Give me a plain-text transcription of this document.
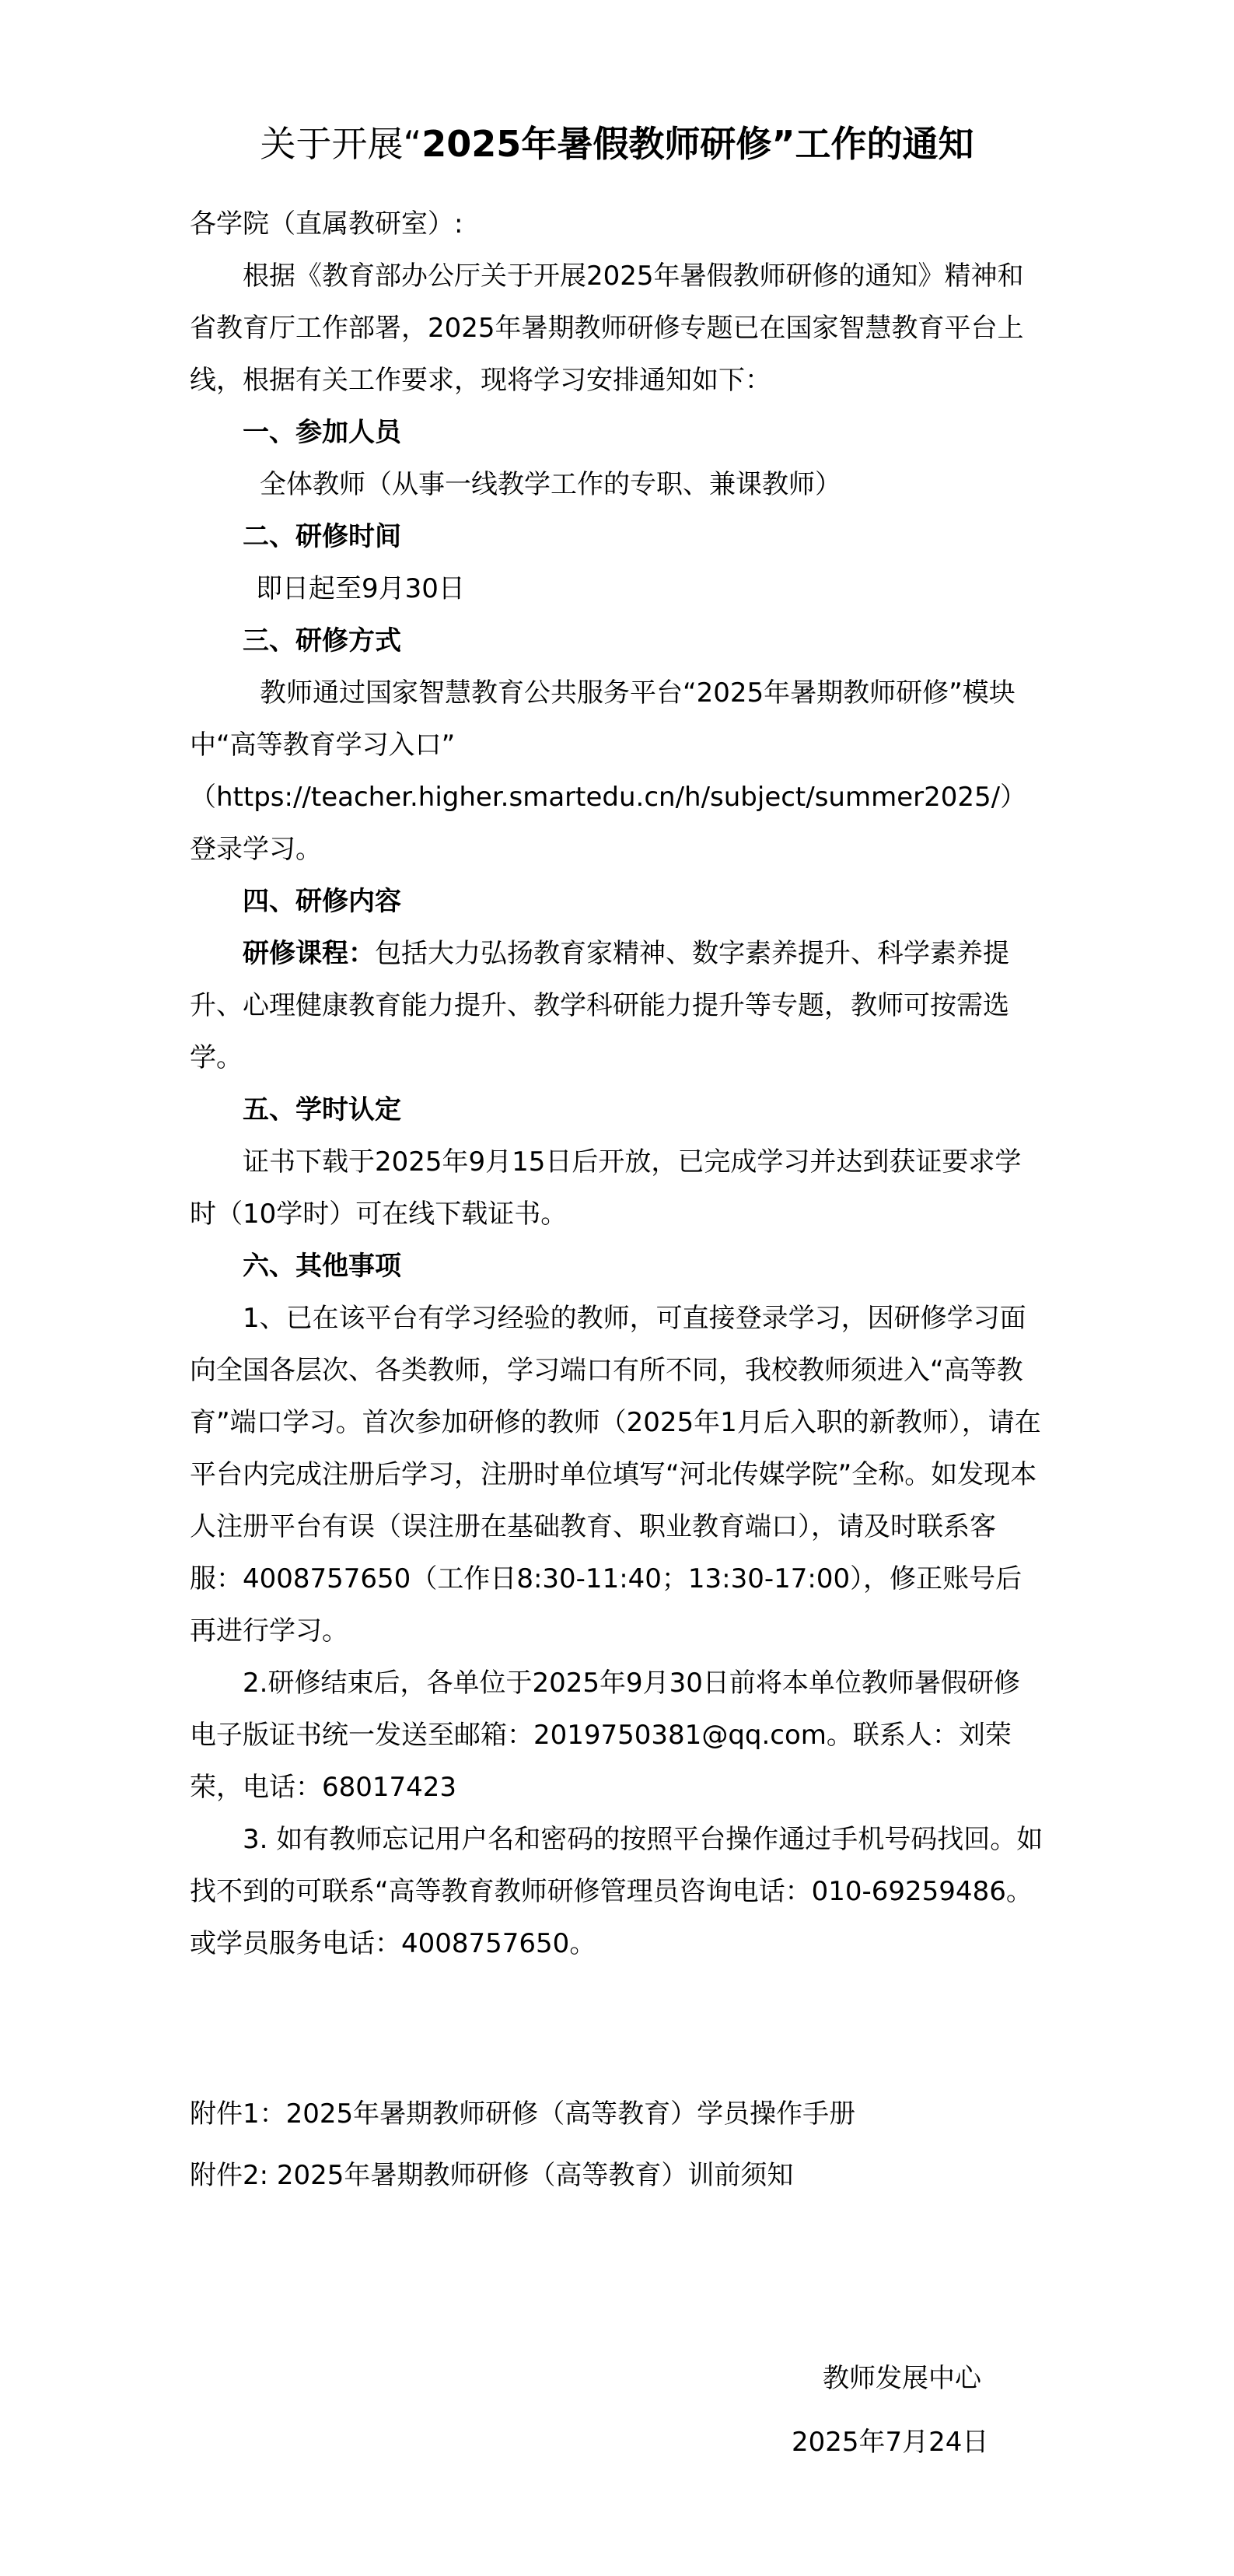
关于开展“2025年暑假教师研修”工作的通知

各学院（直属教研室）:

根据《教育部办公厅关于开展2025年暑假教师研修的通知》精神和省教育厅工作部署，2025年暑期教师研修专题已在国家智慧教育平台上线，根据有关工作要求，现将学习安排通知如下：

一、参加人员

全体教师（从事一线教学工作的专职、兼课教师）

二、研修时间

即日起至9月30日

三、研修方式

教师通过国家智慧教育公共服务平台“2025年暑期教师研修”模块中“高等教育学习入口”

（https://teacher.higher.smartedu.cn/h/subject/summer2025/）登录学习。

四、研修内容

研修课程：包括大力弘扬教育家精神、数字素养提升、科学素养提升、心理健康教育能力提升、教学科研能力提升等专题，教师可按需选学。

五、学时认定

证书下载于2025年9月15日后开放，已完成学习并达到获证要求学时（10学时）可在线下载证书。

六、其他事项

1、已在该平台有学习经验的教师，可直接登录学习，因研修学习面向全国各层次、各类教师，学习端口有所不同，我校教师须进入“高等教育”端口学习。首次参加研修的教师（2025年1月后入职的新教师），请在平台内完成注册后学习，注册时单位填写“河北传媒学院”全称。如发现本人注册平台有误（误注册在基础教育、职业教育端口），请及时联系客服：4008757650（工作日8:30-11:40；13:30-17:00），修正账号后再进行学习。

2.研修结束后，各单位于2025年9月30日前将本单位教师暑假研修电子版证书统一发送至邮箱：2019750381@qq.com。联系人：刘荣荣，电话：68017423

3. 如有教师忘记用户名和密码的按照平台操作通过手机号码找回。如找不到的可联系“高等教育教师研修管理员咨询电话：010-69259486。或学员服务电话：4008757650。

附件1：2025年暑期教师研修（高等教育）学员操作手册

附件2: 2025年暑期教师研修（高等教育）训前须知

教师发展中心

2025年7月24日
